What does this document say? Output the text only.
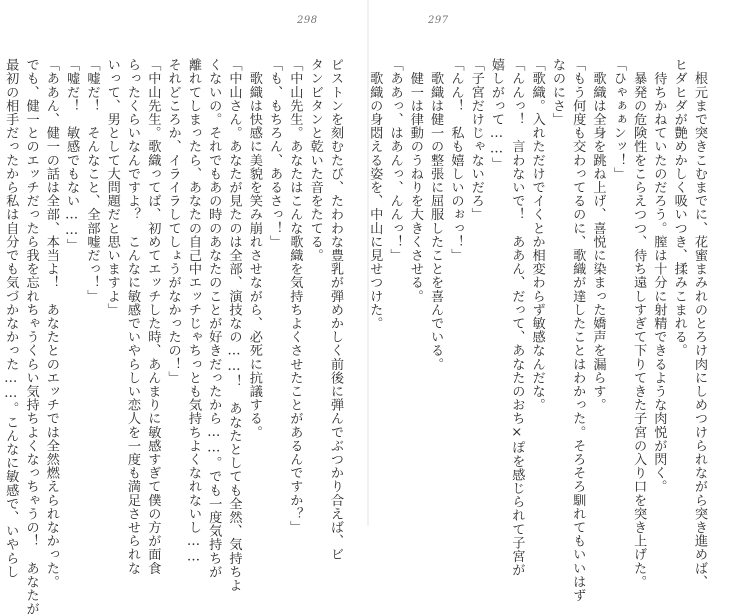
298
ピストンを刻むたび、たわわな豊乳が弾めかしく前後に弾んでぶつかり合えば、ビ
タンビタンと乾いた音をたてる。
「中山先生。あなたはこんな歌織を気持ちよくさせたことがあるんですか？」
「も、もちろん、あるさっ！」
　歌織は快感に美貌を笑み崩れさせながら、必死に抗議する。
「中山さん。あなたが見たのは全部、演技なの……！　あなたとしても全然、気持ちよ
くないの。それでもあの時のあなたのことが好きだったから……。でも一度気持ちが
離れてしまったら、あなたの自己中エッチじゃちっとも気持ちよくなれないし……
それどころか、イライラしてしょうがなかったの！」
「中山先生。歌織ってば、初めてエッチした時、あんまりに敏感すぎて僕の方が面食
らったくらいなんですよ？　こんなに敏感でいやらしい恋人を一度も満足させられな
いって、男として大問題だと思いますよ」
「嘘だ！　そんなこと、全部嘘だっ！」
「嘘だ！　敏感でもない……」
「ああん、健一の話は全部、本当よ！　あなたとのエッチでは全然燃えられなかった。
でも、健一とのエッチだったら我を忘れちゃうくらい気持ちよくなっちゃうの！　あなたが
最初の相手だったから私は自分でも気づかなかった……。こんなに敏感で、いやらし
297
　根元まで突きこむまでに、花蜜まみれのとろけ肉にしめつけられながら突き進めば、
ヒダヒダが艶めかしく吸いつき、揉みこまれる。
　待ちかねていたのだろう。膣は十分に射精できるような肉悦が閃く。
　暴発の危険性をこらえつつ、待ち遠しすぎて下りてきた子宮の入り口を突き上げた。
「ひゃぁぁンッ！」
　歌織は全身を跳ね上げ、喜悦に染まった嬌声を漏らす。
「もう何度も交わってるのに、歌織が達したことはわかった。そろそろ馴れてもいいはず
なのにさ」
「歌織。入れただけでイくとか相変わらず敏感なんだな。
「んんっ！　言わないで！　ああん、だって、あなたのおち×ぽを感じられて子宮が
嬉しがって……」
「子宮だけじゃないだろ」
「んん！　私も嬉しいのぉっ！」
　歌織は健一の整張に屈服したことを喜んでいる。
　健一は律動のうねりを大きくさせる。
「ああっ、はあんっ、んんっ！」
　歌織の身悶える姿を、中山に見せつけた。
